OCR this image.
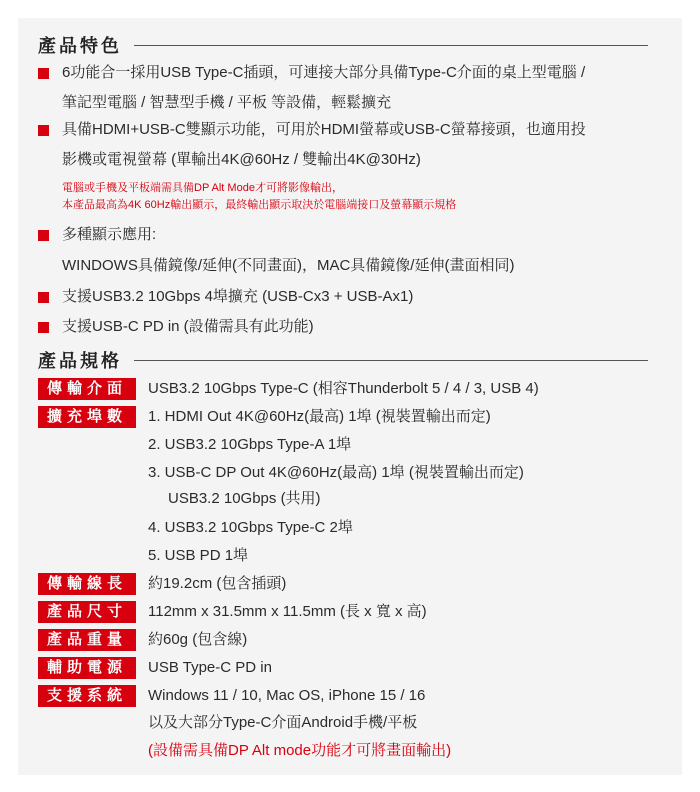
產品特色
6功能合一採用USB Type-C插頭，可連接大部分具備Type-C介面的桌上型電腦 /
筆記型電腦 / 智慧型手機 / 平板 等設備，輕鬆擴充
具備HDMI+USB-C雙顯示功能，可用於HDMI螢幕或USB-C螢幕接頭，也適用投
影機或電視螢幕 (單輸出4K@60Hz / 雙輸出4K@30Hz)
電腦或手機及平板端需具備DP Alt Mode才可將影像輸出，
本產品最高為4K 60Hz輸出顯示，最終輸出顯示取決於電腦端接口及螢幕顯示規格
多種顯示應用:
WINDOWS具備鏡像/延伸(不同畫面)，MAC具備鏡像/延伸(畫面相同)
支援USB3.2 10Gbps 4埠擴充 (USB-Cx3 + USB-Ax1)
支援USB-C PD in (設備需具有此功能)
產品規格
傳輸介面	USB3.2 10Gbps Type-C (相容Thunderbolt 5 / 4 / 3, USB 4)
擴充埠數	1. HDMI Out 4K@60Hz(最高) 1埠 (視裝置輸出而定)
2. USB3.2 10Gbps Type-A 1埠
3. USB-C DP Out 4K@60Hz(最高) 1埠 (視裝置輸出而定)
USB3.2 10Gbps (共用)
4. USB3.2 10Gbps Type-C 2埠
5. USB PD 1埠
傳輸線長	約19.2cm (包含插頭)
產品尺寸	112mm x 31.5mm x 11.5mm (長 x 寬 x 高)
產品重量	約60g (包含線)
輔助電源	USB Type-C PD in
支援系統	Windows 11 / 10, Mac OS, iPhone 15 / 16
以及大部分Type-C介面Android手機/平板
(設備需具備DP Alt mode功能才可將畫面輸出)
